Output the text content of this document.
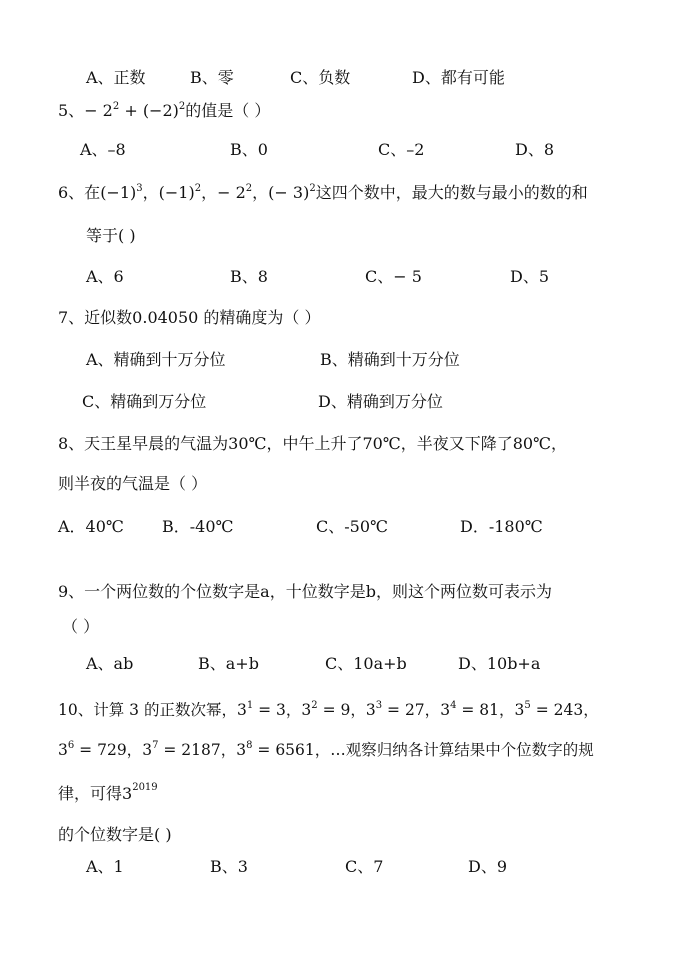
A、正数	B、零	C、负数	D、都有可能
5、− $2^2 + (-2)^2$的值是（ ）
A、–8	B、0	C、–2	D、8
6、在$(-1)^3$，$(-1)^2$，− $2^2$，(− 3)$^2$这四个数中，最大的数与最小的数的和
等于( )
A、6	B、8	C、− 5	D、5
7、近似数0.04050 的精确度为（ ）
A、精确到十万分位	B、精确到十万分位
C、精确到万分位	D、精确到万分位
8、天王星早晨的气温为30℃，中午上升了70℃，半夜又下降了80℃，
则半夜的气温是（ ）
A．40℃ B．-40℃	C、-50℃	D．-180℃
9、一个两位数的个位数字是a，十位数字是b，则这个两位数可表示为
（ ）
A、ab	B、a+b	C、10a+b	D、10b+a
10、计算 3 的正数次幂，$3^1 = 3$，$3^2 = 9$，$3^3 = 27$，$3^4 = 81$，$3^5 = 243$，
$3^6 = 729$，$3^7 = 2187$，$3^8 = 6561$，…观察归纳各计算结果中个位数字的规
律，可得$3^{2019}$
的个位数字是( )
A、1	B、3	C、7	D、9
